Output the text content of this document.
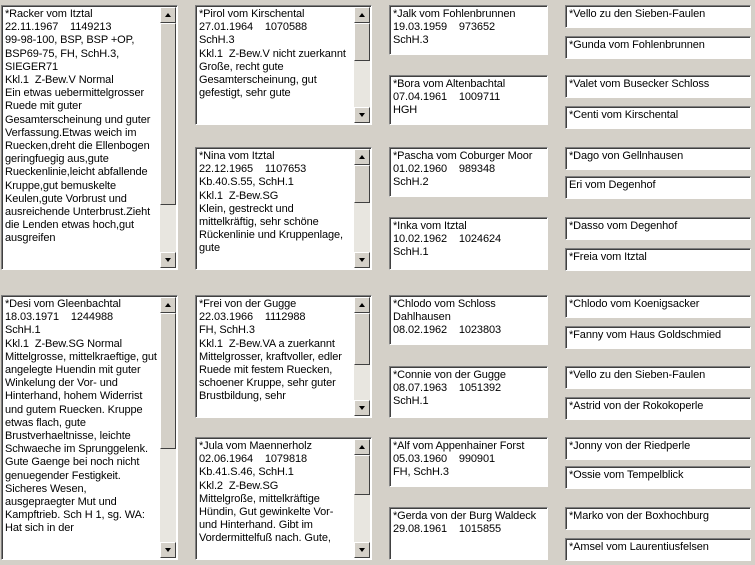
*Racker vom Itztal
22.11.1967    1149213
99-98-100, BSP, BSP +OP, BSP69-75, FH, SchH.3, SIEGER71
Kkl.1  Z-Bew.V Normal
Ein etwas uebermittelgrosser Ruede mit guter Gesamterscheinung und guter Verfassung.Etwas weich im Ruecken,dreht die Ellenbogen geringfuegig aus,gute Rueckenlinie,leicht abfallende Kruppe,gut bemuskelte Keulen,gute Vorbrust und ausreichende Unterbrust.Zieht die Lenden etwas hoch,gut ausgreifen
*Desi vom Gleenbachtal
18.03.1971    1244988
SchH.1
Kkl.1  Z-Bew.SG Normal
Mittelgrosse, mittelkraeftige, gut angelegte Huendin mit guter Winkelung der Vor- und Hinterhand, hohem Widerrist und gutem Ruecken. Kruppe etwas flach, gute Brustverhaeltnisse, leichte Schwaeche im Sprunggelenk. Gute Gaenge bei noch nicht genuegender Festigkeit. Sicheres Wesen, ausgepraegter Mut und Kampftrieb. Sch H 1, sg. WA: Hat sich in der
*Pirol vom Kirschental
27.01.1964    1070588
SchH.3
Kkl.1  Z-Bew.V nicht zuerkannt
Große, recht gute Gesamterscheinung, gut gefestigt, sehr gute
*Nina vom Itztal
22.12.1965    1107653
Kb.40.S.55, SchH.1
Kkl.1  Z-Bew.SG
Klein, gestreckt und mittelkräftig, sehr schöne Rückenlinie und Kruppenlage, gute
*Frei von der Gugge
22.03.1966    1112988
FH, SchH.3
Kkl.1  Z-Bew.VA a zuerkannt
Mittelgrosser, kraftvoller, edler Ruede mit festem Ruecken, schoener Kruppe, sehr guter Brustbildung, sehr
*Jula vom Maennerholz
02.06.1964    1079818
Kb.41.S.46, SchH.1
Kkl.2  Z-Bew.SG
Mittelgroße, mittelkräftige Hündin, Gut gewinkelte Vor- und Hinterhand. Gibt im Vordermittelfuß nach. Gute,
*Jalk vom Fohlenbrunnen
19.03.1959    973652
SchH.3
*Bora vom Altenbachtal
07.04.1961    1009711
HGH
*Pascha vom Coburger Moor
01.02.1960    989348
SchH.2
*Inka vom Itztal
10.02.1962    1024624
SchH.1
*Chlodo vom Schloss Dahlhausen
08.02.1962    1023803
*Connie von der Gugge
08.07.1963    1051392
SchH.1
*Alf vom Appenhainer Forst
05.03.1960    990901
FH, SchH.3
*Gerda von der Burg Waldeck
29.08.1961    1015855
*Vello zu den Sieben-Faulen
*Gunda vom Fohlenbrunnen
*Valet vom Busecker Schloss
*Centi vom Kirschental
*Dago von Gellnhausen
Eri vom Degenhof
*Dasso vom Degenhof
*Freia vom Itztal
*Chlodo vom Koenigsacker
*Fanny vom Haus Goldschmied
*Vello zu den Sieben-Faulen
*Astrid von der Rokokoperle
*Jonny von der Riedperle
*Ossie vom Tempelblick
*Marko von der Boxhochburg
*Amsel vom Laurentiusfelsen
